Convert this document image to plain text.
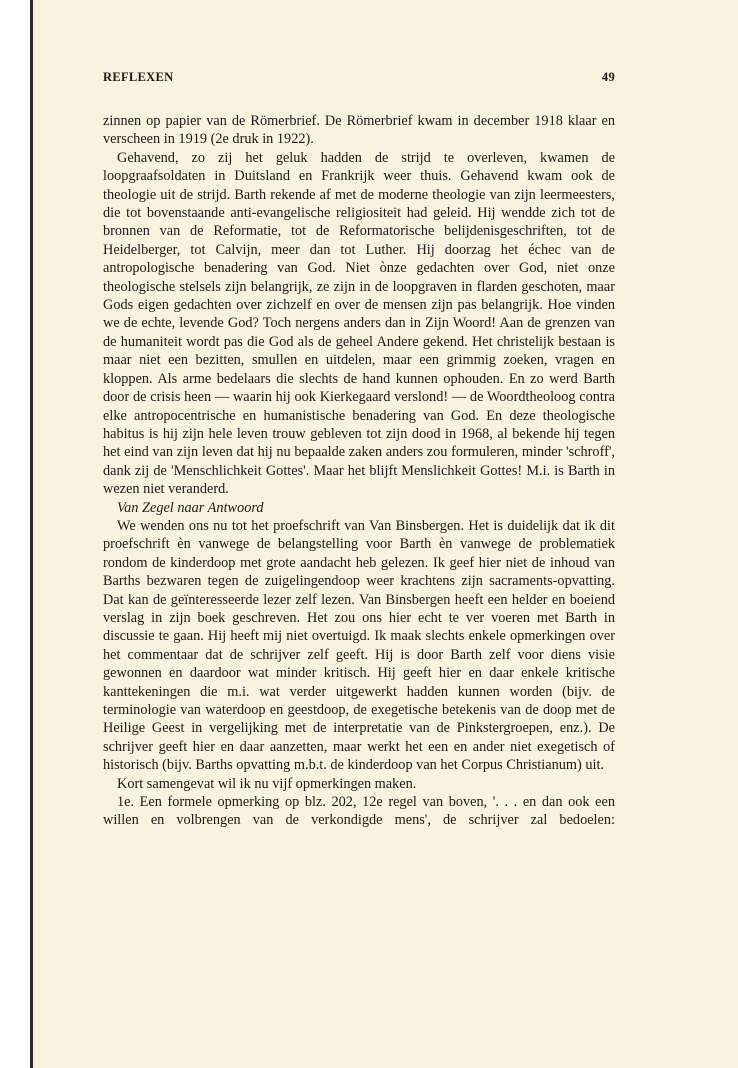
REFLEXEN	49

zinnen op papier van de Römerbrief. De Römerbrief kwam in december 1918 klaar en verscheen in 1919 (2e druk in 1922).

Gehavend, zo zij het geluk hadden de strijd te overleven, kwamen de loopgraafsoldaten in Duitsland en Frankrijk weer thuis. Gehavend kwam ook de theologie uit de strijd. Barth rekende af met de moderne theologie van zijn leermeesters, die tot bovenstaande anti-evangelische religiositeit had geleid. Hij wendde zich tot de bronnen van de Reformatie, tot de Reformatorische belijdenisgeschriften, tot de Heidelberger, tot Calvijn, meer dan tot Luther. Hij doorzag het échec van de antropologische benadering van God. Niet ònze gedachten over God, niet onze theologische stelsels zijn belangrijk, ze zijn in de loopgraven in flarden geschoten, maar Gods eigen gedachten over zichzelf en over de mensen zijn pas belangrijk. Hoe vinden we de echte, levende God? Toch nergens anders dan in Zijn Woord! Aan de grenzen van de humaniteit wordt pas die God als de geheel Andere gekend. Het christelijk bestaan is maar niet een bezitten, smullen en uitdelen, maar een grimmig zoeken, vragen en kloppen. Als arme bedelaars die slechts de hand kunnen ophouden. En zo werd Barth door de crisis heen — waarin hij ook Kierkegaard verslond! — de Woordtheoloog contra elke antropocentrische en humanistische benadering van God. En deze theologische habitus is hij zijn hele leven trouw gebleven tot zijn dood in 1968, al bekende hij tegen het eind van zijn leven dat hij nu bepaalde zaken anders zou formuleren, minder 'schroff', dank zij de 'Menschlichkeit Gottes'. Maar het blijft Menslichkeit Gottes! M.i. is Barth in wezen niet veranderd.

Van Zegel naar Antwoord

We wenden ons nu tot het proefschrift van Van Binsbergen. Het is duidelijk dat ik dit proefschrift èn vanwege de belangstelling voor Barth èn vanwege de problematiek rondom de kinderdoop met grote aandacht heb gelezen. Ik geef hier niet de inhoud van Barths bezwaren tegen de zuigelingendoop weer krachtens zijn sacraments-opvatting. Dat kan de geïnteresseerde lezer zelf lezen. Van Binsbergen heeft een helder en boeiend verslag in zijn boek geschreven. Het zou ons hier echt te ver voeren met Barth in discussie te gaan. Hij heeft mij niet overtuigd. Ik maak slechts enkele opmerkingen over het commentaar dat de schrijver zelf geeft. Hij is door Barth zelf voor diens visie gewonnen en daardoor wat minder kritisch. Hij geeft hier en daar enkele kritische kanttekeningen die m.i. wat verder uitgewerkt hadden kunnen worden (bijv. de terminologie van waterdoop en geestdoop, de exegetische betekenis van de doop met de Heilige Geest in vergelijking met de interpretatie van de Pinkstergroepen, enz.). De schrijver geeft hier en daar aanzetten, maar werkt het een en ander niet exegetisch of historisch (bijv. Barths opvatting m.b.t. de kinderdoop van het Corpus Christianum) uit.

Kort samengevat wil ik nu vijf opmerkingen maken.

1e. Een formele opmerking op blz. 202, 12e regel van boven, '. . . en dan ook een willen en volbrengen van de verkondigde mens', de schrijver zal bedoelen:
